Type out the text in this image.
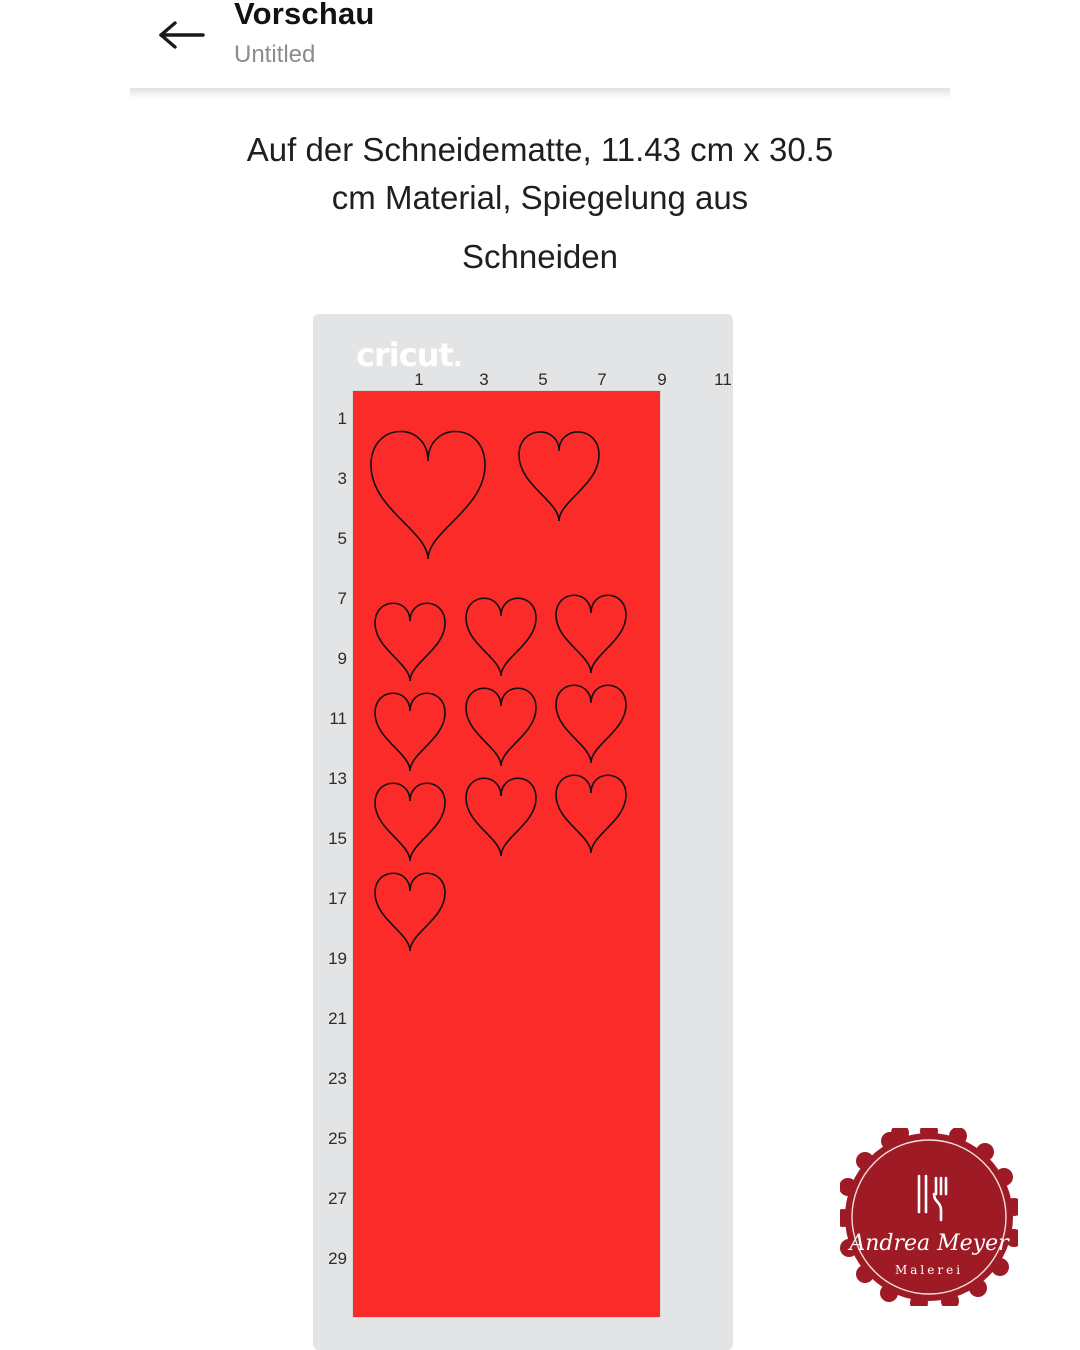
Vorschau
Untitled
Auf der Schneidematte, 11.43 cm x 30.5
cm Material, Spiegelung aus
Schneiden
cricut.
1	3	5	7	9	11
1
3
5
7
9
11
13
15
17
19
21
23
25
27
29
Andrea Meyer
Malerei
